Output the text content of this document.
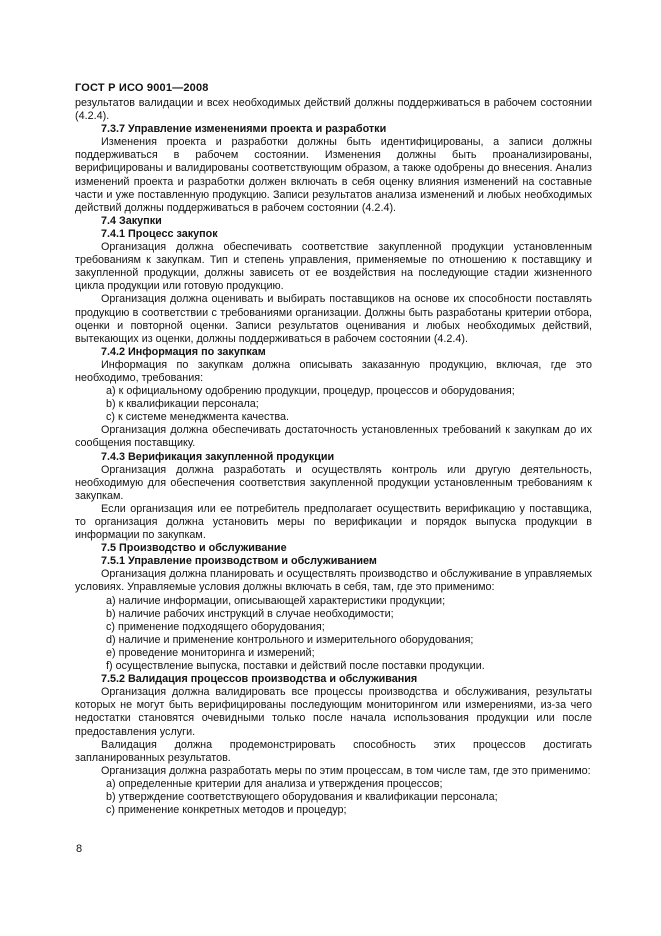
ГОСТ Р ИСО 9001—2008

результатов валидации и всех необходимых действий должны поддерживаться в рабочем состоянии (4.2.4).

7.3.7 Управление изменениями проекта и разработки

Изменения проекта и разработки должны быть идентифицированы, а записи должны поддерживаться в рабочем состоянии. Изменения должны быть проанализированы, верифицированы и валидированы соответствующим образом, а также одобрены до внесения. Анализ изменений проекта и разработки должен включать в себя оценку влияния изменений на составные части и уже поставленную продукцию. Записи результатов анализа изменений и любых необходимых действий должны поддерживаться в рабочем состоянии (4.2.4).

7.4 Закупки

7.4.1 Процесс закупок

Организация должна обеспечивать соответствие закупленной продукции установленным требованиям к закупкам. Тип и степень управления, применяемые по отношению к поставщику и закупленной продукции, должны зависеть от ее воздействия на последующие стадии жизненного цикла продукции или готовую продукцию.

Организация должна оценивать и выбирать поставщиков на основе их способности поставлять продукцию в соответствии с требованиями организации. Должны быть разработаны критерии отбора, оценки и повторной оценки. Записи результатов оценивания и любых необходимых действий, вытекающих из оценки, должны поддерживаться в рабочем состоянии (4.2.4).

7.4.2 Информация по закупкам

Информация по закупкам должна описывать заказанную продукцию, включая, где это необходимо, требования:

a) к официальному одобрению продукции, процедур, процессов и оборудования;

b) к квалификации персонала;

c) к системе менеджмента качества.

Организация должна обеспечивать достаточность установленных требований к закупкам до их сообщения поставщику.

7.4.3 Верификация закупленной продукции

Организация должна разработать и осуществлять контроль или другую деятельность, необходимую для обеспечения соответствия закупленной продукции установленным требованиям к закупкам.

Если организация или ее потребитель предполагает осуществить верификацию у поставщика, то организация должна установить меры по верификации и порядок выпуска продукции в информации по закупкам.

7.5 Производство и обслуживание

7.5.1 Управление производством и обслуживанием

Организация должна планировать и осуществлять производство и обслуживание в управляемых условиях. Управляемые условия должны включать в себя, там, где это применимо:

a) наличие информации, описывающей характеристики продукции;

b) наличие рабочих инструкций в случае необходимости;

c) применение подходящего оборудования;

d) наличие и применение контрольного и измерительного оборудования;

e) проведение мониторинга и измерений;

f) осуществление выпуска, поставки и действий после поставки продукции.

7.5.2 Валидация процессов производства и обслуживания

Организация должна валидировать все процессы производства и обслуживания, результаты которых не могут быть верифицированы последующим мониторингом или измерениями, из-за чего недостатки становятся очевидными только после начала использования продукции или после предоставления услуги.

Валидация должна продемонстрировать способность этих процессов достигать запланированных результатов.

Организация должна разработать меры по этим процессам, в том числе там, где это применимо:

a) определенные критерии для анализа и утверждения процессов;

b) утверждение соответствующего оборудования и квалификации персонала;

c) применение конкретных методов и процедур;

8
